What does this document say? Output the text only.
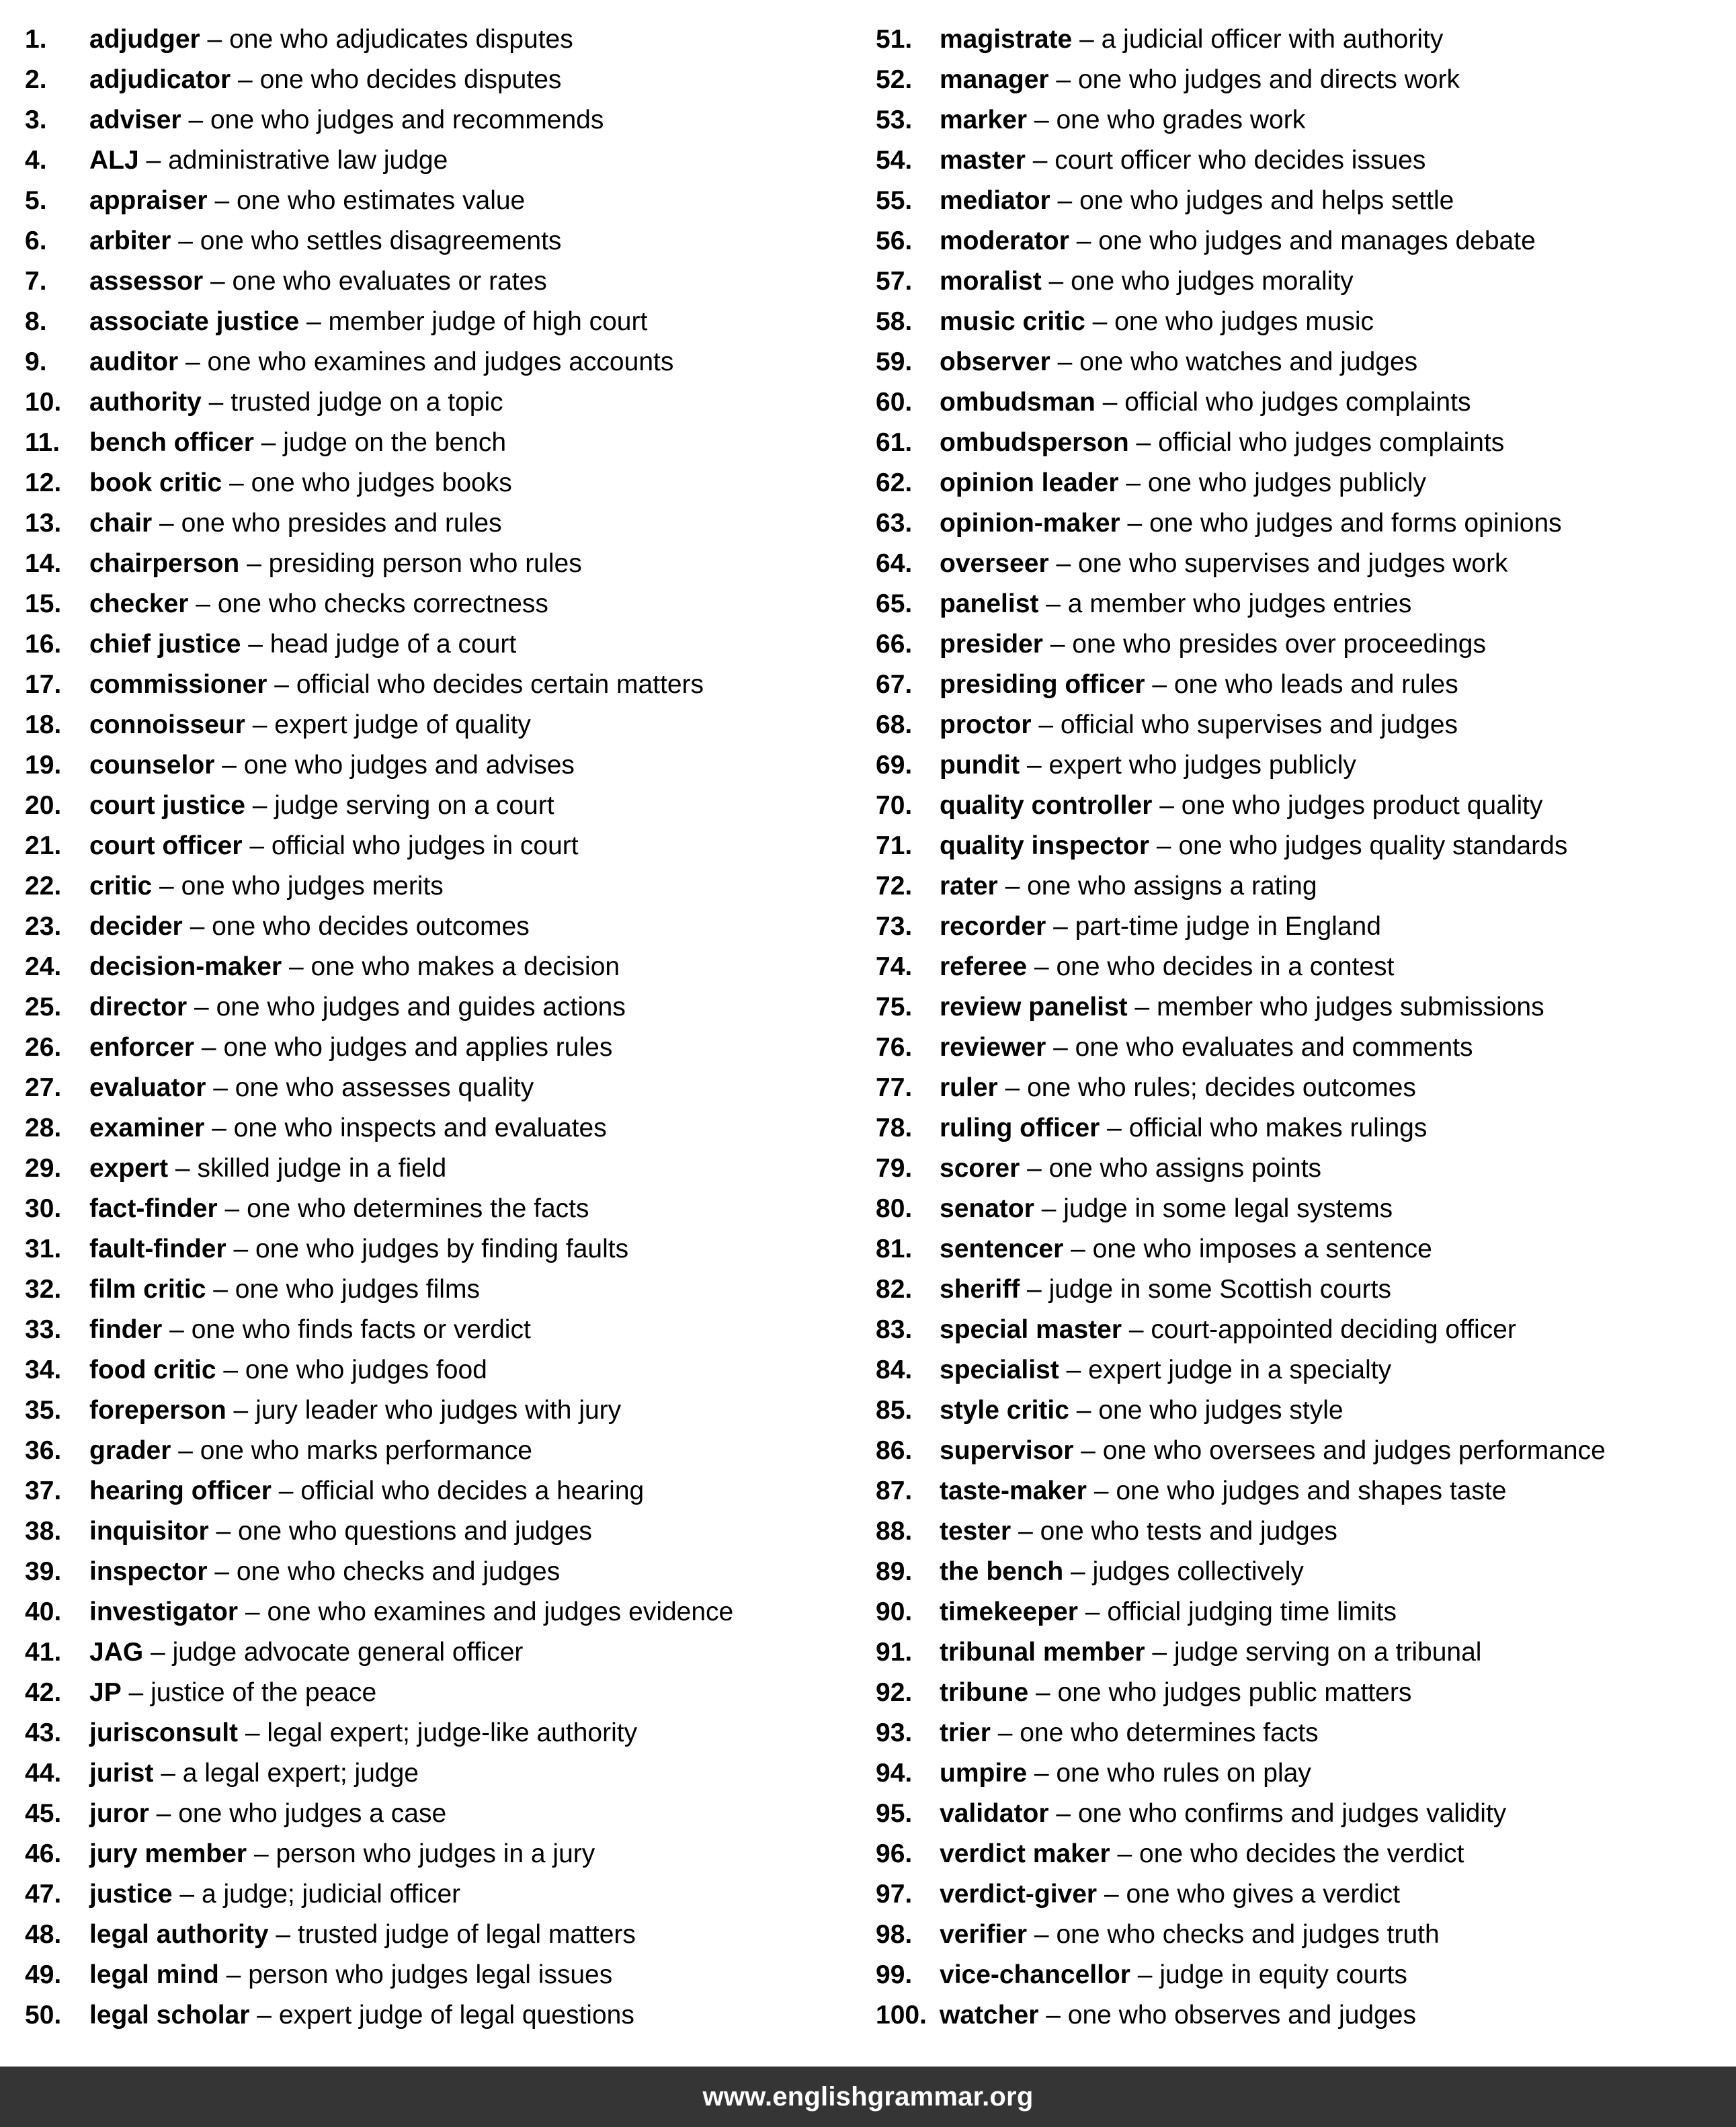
1. adjudger – one who adjudicates disputes
2. adjudicator – one who decides disputes
3. adviser – one who judges and recommends
4. ALJ – administrative law judge
5. appraiser – one who estimates value
6. arbiter – one who settles disagreements
7. assessor – one who evaluates or rates
8. associate justice – member judge of high court
9. auditor – one who examines and judges accounts
10. authority – trusted judge on a topic
11. bench officer – judge on the bench
12. book critic – one who judges books
13. chair – one who presides and rules
14. chairperson – presiding person who rules
15. checker – one who checks correctness
16. chief justice – head judge of a court
17. commissioner – official who decides certain matters
18. connoisseur – expert judge of quality
19. counselor – one who judges and advises
20. court justice – judge serving on a court
21. court officer – official who judges in court
22. critic – one who judges merits
23. decider – one who decides outcomes
24. decision-maker – one who makes a decision
25. director – one who judges and guides actions
26. enforcer – one who judges and applies rules
27. evaluator – one who assesses quality
28. examiner – one who inspects and evaluates
29. expert – skilled judge in a field
30. fact-finder – one who determines the facts
31. fault-finder – one who judges by finding faults
32. film critic – one who judges films
33. finder – one who finds facts or verdict
34. food critic – one who judges food
35. foreperson – jury leader who judges with jury
36. grader – one who marks performance
37. hearing officer – official who decides a hearing
38. inquisitor – one who questions and judges
39. inspector – one who checks and judges
40. investigator – one who examines and judges evidence
41. JAG – judge advocate general officer
42. JP – justice of the peace
43. jurisconsult – legal expert; judge-like authority
44. jurist – a legal expert; judge
45. juror – one who judges a case
46. jury member – person who judges in a jury
47. justice – a judge; judicial officer
48. legal authority – trusted judge of legal matters
49. legal mind – person who judges legal issues
50. legal scholar – expert judge of legal questions
51. magistrate – a judicial officer with authority
52. manager – one who judges and directs work
53. marker – one who grades work
54. master – court officer who decides issues
55. mediator – one who judges and helps settle
56. moderator – one who judges and manages debate
57. moralist – one who judges morality
58. music critic – one who judges music
59. observer – one who watches and judges
60. ombudsman – official who judges complaints
61. ombudsperson – official who judges complaints
62. opinion leader – one who judges publicly
63. opinion-maker – one who judges and forms opinions
64. overseer – one who supervises and judges work
65. panelist – a member who judges entries
66. presider – one who presides over proceedings
67. presiding officer – one who leads and rules
68. proctor – official who supervises and judges
69. pundit – expert who judges publicly
70. quality controller – one who judges product quality
71. quality inspector – one who judges quality standards
72. rater – one who assigns a rating
73. recorder – part-time judge in England
74. referee – one who decides in a contest
75. review panelist – member who judges submissions
76. reviewer – one who evaluates and comments
77. ruler – one who rules; decides outcomes
78. ruling officer – official who makes rulings
79. scorer – one who assigns points
80. senator – judge in some legal systems
81. sentencer – one who imposes a sentence
82. sheriff – judge in some Scottish courts
83. special master – court-appointed deciding officer
84. specialist – expert judge in a specialty
85. style critic – one who judges style
86. supervisor – one who oversees and judges performance
87. taste-maker – one who judges and shapes taste
88. tester – one who tests and judges
89. the bench – judges collectively
90. timekeeper – official judging time limits
91. tribunal member – judge serving on a tribunal
92. tribune – one who judges public matters
93. trier – one who determines facts
94. umpire – one who rules on play
95. validator – one who confirms and judges validity
96. verdict maker – one who decides the verdict
97. verdict-giver – one who gives a verdict
98. verifier – one who checks and judges truth
99. vice-chancellor – judge in equity courts
100. watcher – one who observes and judges
www.englishgrammar.org
